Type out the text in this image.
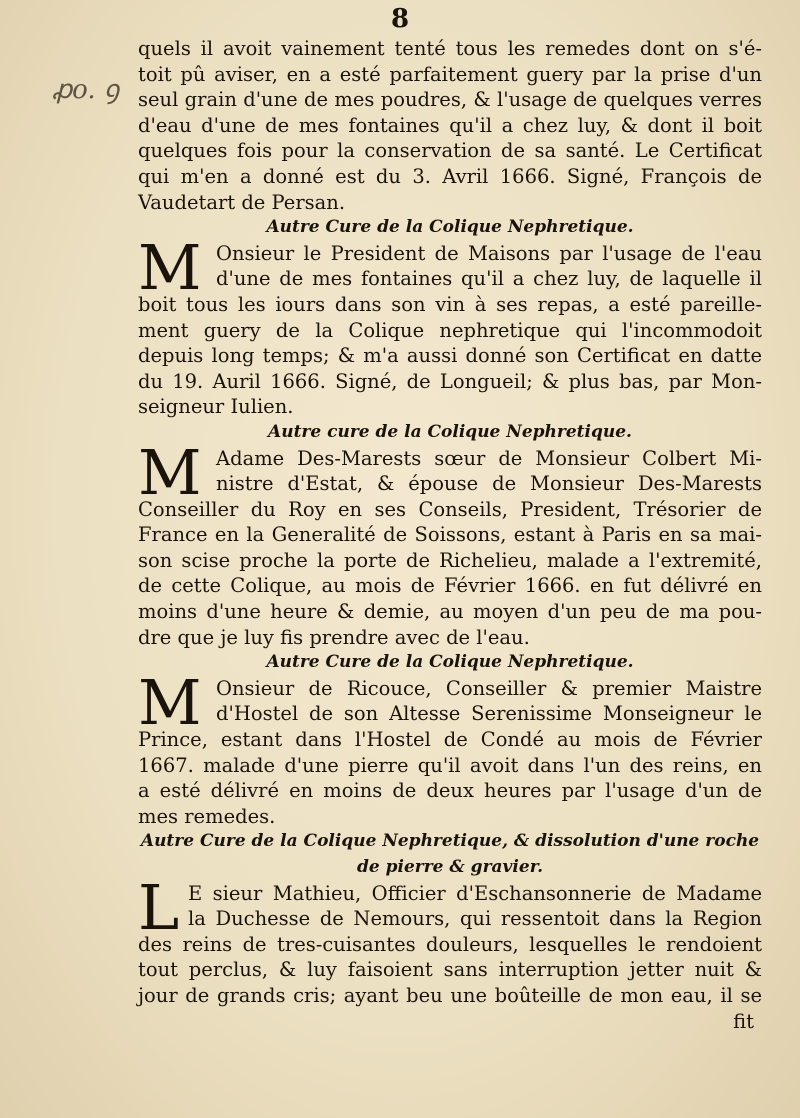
8
ꝓo. ꝯ
quels il avoit vainement tenté tous les remedes dont on s'é-
toit pû aviser, en a esté parfaitement guery par la prise d'un
seul grain d'une de mes poudres, & l'usage de quelques verres
d'eau d'une de mes fontaines qu'il a chez luy, & dont il boit
quelques fois pour la conservation de sa santé. Le Certificat
qui m'en a donné est du 3. Avril 1666. Signé, François de
Vaudetart de Persan.
Autre Cure de la Colique Nephretique.
M Onsieur le President de Maisons par l'usage de l'eau
d'une de mes fontaines qu'il a chez luy, de laquelle il
boit tous les iours dans son vin à ses repas, a esté pareille-
ment guery de la Colique nephretique qui l'incommodoit
depuis long temps; & m'a aussi donné son Certificat en datte
du 19. Auril 1666. Signé, de Longueil; & plus bas, par Mon-
seigneur Iulien.
Autre cure de la Colique Nephretique.
M Adame Des-Marests sœur de Monsieur Colbert Mi-
nistre d'Estat, & épouse de Monsieur Des-Marests
Conseiller du Roy en ses Conseils, President, Trésorier de
France en la Generalité de Soissons, estant à Paris en sa mai-
son scise proche la porte de Richelieu, malade a l'extremité,
de cette Colique, au mois de Février 1666. en fut délivré en
moins d'une heure & demie, au moyen d'un peu de ma pou-
dre que je luy fis prendre avec de l'eau.
Autre Cure de la Colique Nephretique.
M Onsieur de Ricouce, Conseiller & premier Maistre
d'Hostel de son Altesse Serenissime Monseigneur le
Prince, estant dans l'Hostel de Condé au mois de Février
1667. malade d'une pierre qu'il avoit dans l'un des reins, en
a esté délivré en moins de deux heures par l'usage d'un de
mes remedes.
Autre Cure de la Colique Nephretique, & dissolution d'une roche
de pierre & gravier.
L E sieur Mathieu, Officier d'Eschansonnerie de Madame
la Duchesse de Nemours, qui ressentoit dans la Region
des reins de tres-cuisantes douleurs, lesquelles le rendoient
tout perclus, & luy faisoient sans interruption jetter nuit &
jour de grands cris; ayant beu une boûteille de mon eau, il se
fit
